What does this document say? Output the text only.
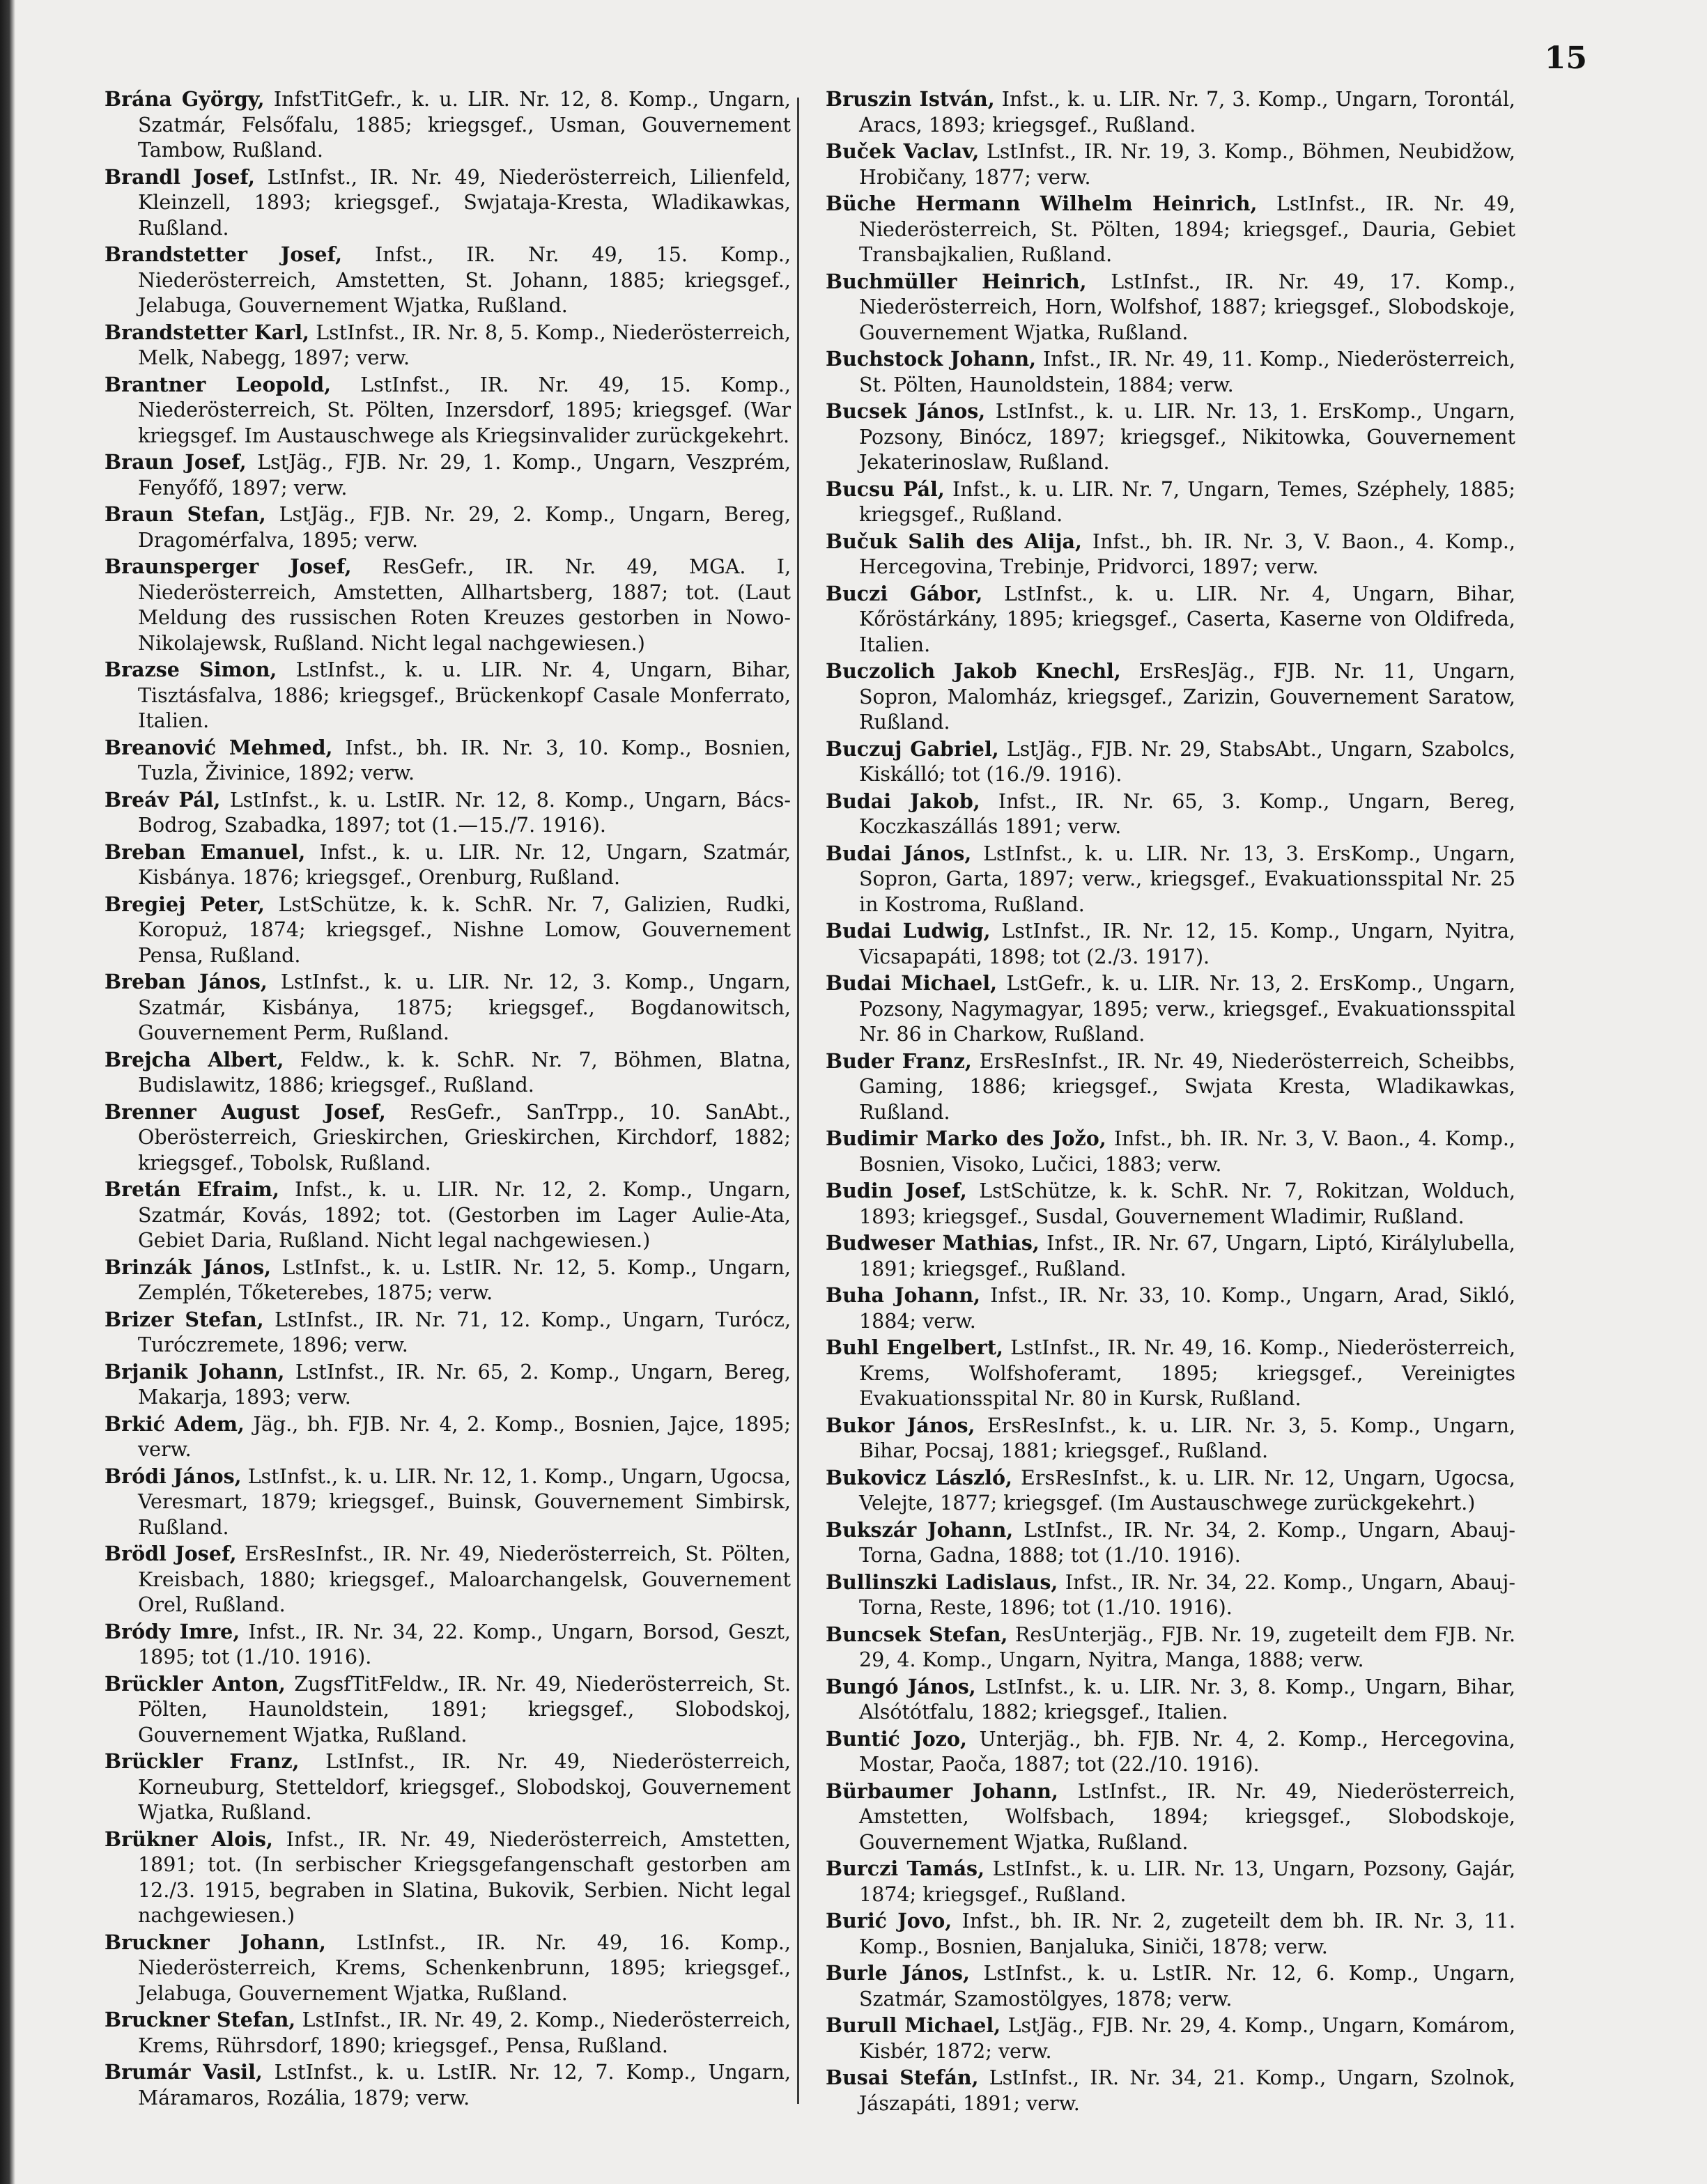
15
Brána György, InfstTitGefr., k. u. LIR. Nr. 12, 8. Komp., Ungarn, Szatmár, Felsőfalu, 1885; kriegsgef., Usman, Gouvernement Tambow, Rußland.
Brandl Josef, LstInfst., IR. Nr. 49, Niederösterreich, Lilienfeld, Kleinzell, 1893; kriegsgef., Swjataja-Kresta, Wladikawkas, Rußland.
Brandstetter Josef, Infst., IR. Nr. 49, 15. Komp., Niederösterreich, Amstetten, St. Johann, 1885; kriegsgef., Jelabuga, Gouvernement Wjatka, Rußland.
Brandstetter Karl, LstInfst., IR. Nr. 8, 5. Komp., Niederösterreich, Melk, Nabegg, 1897; verw.
Brantner Leopold, LstInfst., IR. Nr. 49, 15. Komp., Niederösterreich, St. Pölten, Inzersdorf, 1895; kriegsgef. (War kriegsgef. Im Austauschwege als Kriegsinvalider zurückgekehrt.
Braun Josef, LstJäg., FJB. Nr. 29, 1. Komp., Ungarn, Veszprém, Fenyőfő, 1897; verw.
Braun Stefan, LstJäg., FJB. Nr. 29, 2. Komp., Ungarn, Bereg, Dragomérfalva, 1895; verw.
Braunsperger Josef, ResGefr., IR. Nr. 49, MGA. I, Niederösterreich, Amstetten, Allhartsberg, 1887; tot. (Laut Meldung des russischen Roten Kreuzes gestorben in Nowo-Nikolajewsk, Rußland. Nicht legal nachgewiesen.)
Brazse Simon, LstInfst., k. u. LIR. Nr. 4, Ungarn, Bihar, Tisztásfalva, 1886; kriegsgef., Brückenkopf Casale Monferrato, Italien.
Breanović Mehmed, Infst., bh. IR. Nr. 3, 10. Komp., Bosnien, Tuzla, Živinice, 1892; verw.
Breáv Pál, LstInfst., k. u. LstIR. Nr. 12, 8. Komp., Ungarn, Bács-Bodrog, Szabadka, 1897; tot (1.—15./7. 1916).
Breban Emanuel, Infst., k. u. LIR. Nr. 12, Ungarn, Szatmár, Kisbánya. 1876; kriegsgef., Orenburg, Rußland.
Bregiej Peter, LstSchütze, k. k. SchR. Nr. 7, Galizien, Rudki, Koropuż, 1874; kriegsgef., Nishne Lomow, Gouvernement Pensa, Rußland.
Breban János, LstInfst., k. u. LIR. Nr. 12, 3. Komp., Ungarn, Szatmár, Kisbánya, 1875; kriegsgef., Bogdanowitsch, Gouvernement Perm, Rußland.
Brejcha Albert, Feldw., k. k. SchR. Nr. 7, Böhmen, Blatna, Budislawitz, 1886; kriegsgef., Rußland.
Brenner August Josef, ResGefr., SanTrpp., 10. SanAbt., Oberösterreich, Grieskirchen, Grieskirchen, Kirchdorf, 1882; kriegsgef., Tobolsk, Rußland.
Bretán Efraim, Infst., k. u. LIR. Nr. 12, 2. Komp., Ungarn, Szatmár, Kovás, 1892; tot. (Gestorben im Lager Aulie-Ata, Gebiet Daria, Rußland. Nicht legal nachgewiesen.)
Brinzák János, LstInfst., k. u. LstIR. Nr. 12, 5. Komp., Ungarn, Zemplén, Tőketerebes, 1875; verw.
Brizer Stefan, LstInfst., IR. Nr. 71, 12. Komp., Ungarn, Turócz, Turóczremete, 1896; verw.
Brjanik Johann, LstInfst., IR. Nr. 65, 2. Komp., Ungarn, Bereg, Makarja, 1893; verw.
Brkić Adem, Jäg., bh. FJB. Nr. 4, 2. Komp., Bosnien, Jajce, 1895; verw.
Bródi János, LstInfst., k. u. LIR. Nr. 12, 1. Komp., Ungarn, Ugocsa, Veresmart, 1879; kriegsgef., Buinsk, Gouvernement Simbirsk, Rußland.
Brödl Josef, ErsResInfst., IR. Nr. 49, Niederösterreich, St. Pölten, Kreisbach, 1880; kriegsgef., Maloarchangelsk, Gouvernement Orel, Rußland.
Bródy Imre, Infst., IR. Nr. 34, 22. Komp., Ungarn, Borsod, Geszt, 1895; tot (1./10. 1916).
Brückler Anton, ZugsfTitFeldw., IR. Nr. 49, Niederösterreich, St. Pölten, Haunoldstein, 1891; kriegsgef., Slobodskoj, Gouvernement Wjatka, Rußland.
Brückler Franz, LstInfst., IR. Nr. 49, Niederösterreich, Korneuburg, Stetteldorf, kriegsgef., Slobodskoj, Gouvernement Wjatka, Rußland.
Brükner Alois, Infst., IR. Nr. 49, Niederösterreich, Amstetten, 1891; tot. (In serbischer Kriegsgefangenschaft gestorben am 12./3. 1915, begraben in Slatina, Bukovik, Serbien. Nicht legal nachgewiesen.)
Bruckner Johann, LstInfst., IR. Nr. 49, 16. Komp., Niederösterreich, Krems, Schenkenbrunn, 1895; kriegsgef., Jelabuga, Gouvernement Wjatka, Rußland.
Bruckner Stefan, LstInfst., IR. Nr. 49, 2. Komp., Niederösterreich, Krems, Rührsdorf, 1890; kriegsgef., Pensa, Rußland.
Brumár Vasil, LstInfst., k. u. LstIR. Nr. 12, 7. Komp., Ungarn, Máramaros, Rozália, 1879; verw.
Bruszin István, Infst., k. u. LIR. Nr. 7, 3. Komp., Ungarn, Torontál, Aracs, 1893; kriegsgef., Rußland.
Buček Vaclav, LstInfst., IR. Nr. 19, 3. Komp., Böhmen, Neubidžow, Hrobičany, 1877; verw.
Büche Hermann Wilhelm Heinrich, LstInfst., IR. Nr. 49, Niederösterreich, St. Pölten, 1894; kriegsgef., Dauria, Gebiet Transbajkalien, Rußland.
Buchmüller Heinrich, LstInfst., IR. Nr. 49, 17. Komp., Niederösterreich, Horn, Wolfshof, 1887; kriegsgef., Slobodskoje, Gouvernement Wjatka, Rußland.
Buchstock Johann, Infst., IR. Nr. 49, 11. Komp., Niederösterreich, St. Pölten, Haunoldstein, 1884; verw.
Bucsek János, LstInfst., k. u. LIR. Nr. 13, 1. ErsKomp., Ungarn, Pozsony, Binócz, 1897; kriegsgef., Nikitowka, Gouvernement Jekaterinoslaw, Rußland.
Bucsu Pál, Infst., k. u. LIR. Nr. 7, Ungarn, Temes, Széphely, 1885; kriegsgef., Rußland.
Bučuk Salih des Alija, Infst., bh. IR. Nr. 3, V. Baon., 4. Komp., Hercegovina, Trebinje, Pridvorci, 1897; verw.
Buczi Gábor, LstInfst., k. u. LIR. Nr. 4, Ungarn, Bihar, Kőröstárkány, 1895; kriegsgef., Caserta, Kaserne von Oldifreda, Italien.
Buczolich Jakob Knechl, ErsResJäg., FJB. Nr. 11, Ungarn, Sopron, Malomház, kriegsgef., Zarizin, Gouvernement Saratow, Rußland.
Buczuj Gabriel, LstJäg., FJB. Nr. 29, StabsAbt., Ungarn, Szabolcs, Kiskálló; tot (16./9. 1916).
Budai Jakob, Infst., IR. Nr. 65, 3. Komp., Ungarn, Bereg, Koczkaszállás 1891; verw.
Budai János, LstInfst., k. u. LIR. Nr. 13, 3. ErsKomp., Ungarn, Sopron, Garta, 1897; verw., kriegsgef., Evakuationsspital Nr. 25 in Kostroma, Rußland.
Budai Ludwig, LstInfst., IR. Nr. 12, 15. Komp., Ungarn, Nyitra, Vicsapapáti, 1898; tot (2./3. 1917).
Budai Michael, LstGefr., k. u. LIR. Nr. 13, 2. ErsKomp., Ungarn, Pozsony, Nagymagyar, 1895; verw., kriegsgef., Evakuationsspital Nr. 86 in Charkow, Rußland.
Buder Franz, ErsResInfst., IR. Nr. 49, Niederösterreich, Scheibbs, Gaming, 1886; kriegsgef., Swjata Kresta, Wladikawkas, Rußland.
Budimir Marko des Jožo, Infst., bh. IR. Nr. 3, V. Baon., 4. Komp., Bosnien, Visoko, Lučici, 1883; verw.
Budin Josef, LstSchütze, k. k. SchR. Nr. 7, Rokitzan, Wolduch, 1893; kriegsgef., Susdal, Gouvernement Wladimir, Rußland.
Budweser Mathias, Infst., IR. Nr. 67, Ungarn, Liptó, Királylubella, 1891; kriegsgef., Rußland.
Buha Johann, Infst., IR. Nr. 33, 10. Komp., Ungarn, Arad, Sikló, 1884; verw.
Buhl Engelbert, LstInfst., IR. Nr. 49, 16. Komp., Niederösterreich, Krems, Wolfshoferamt, 1895; kriegsgef., Vereinigtes Evakuationsspital Nr. 80 in Kursk, Rußland.
Bukor János, ErsResInfst., k. u. LIR. Nr. 3, 5. Komp., Ungarn, Bihar, Pocsaj, 1881; kriegsgef., Rußland.
Bukovicz László, ErsResInfst., k. u. LIR. Nr. 12, Ungarn, Ugocsa, Velejte, 1877; kriegsgef. (Im Austauschwege zurückgekehrt.)
Bukszár Johann, LstInfst., IR. Nr. 34, 2. Komp., Ungarn, Abauj-Torna, Gadna, 1888; tot (1./10. 1916).
Bullinszki Ladislaus, Infst., IR. Nr. 34, 22. Komp., Ungarn, Abauj-Torna, Reste, 1896; tot (1./10. 1916).
Buncsek Stefan, ResUnterjäg., FJB. Nr. 19, zugeteilt dem FJB. Nr. 29, 4. Komp., Ungarn, Nyitra, Manga, 1888; verw.
Bungó János, LstInfst., k. u. LIR. Nr. 3, 8. Komp., Ungarn, Bihar, Alsótótfalu, 1882; kriegsgef., Italien.
Buntić Jozo, Unterjäg., bh. FJB. Nr. 4, 2. Komp., Hercegovina, Mostar, Paoča, 1887; tot (22./10. 1916).
Bürbaumer Johann, LstInfst., IR. Nr. 49, Niederösterreich, Amstetten, Wolfsbach, 1894; kriegsgef., Slobodskoje, Gouvernement Wjatka, Rußland.
Burczi Tamás, LstInfst., k. u. LIR. Nr. 13, Ungarn, Pozsony, Gajár, 1874; kriegsgef., Rußland.
Burić Jovo, Infst., bh. IR. Nr. 2, zugeteilt dem bh. IR. Nr. 3, 11. Komp., Bosnien, Banjaluka, Siniči, 1878; verw.
Burle János, LstInfst., k. u. LstIR. Nr. 12, 6. Komp., Ungarn, Szatmár, Szamostölgyes, 1878; verw.
Burull Michael, LstJäg., FJB. Nr. 29, 4. Komp., Ungarn, Komárom, Kisbér, 1872; verw.
Busai Stefán, LstInfst., IR. Nr. 34, 21. Komp., Ungarn, Szolnok, Jászapáti, 1891; verw.
